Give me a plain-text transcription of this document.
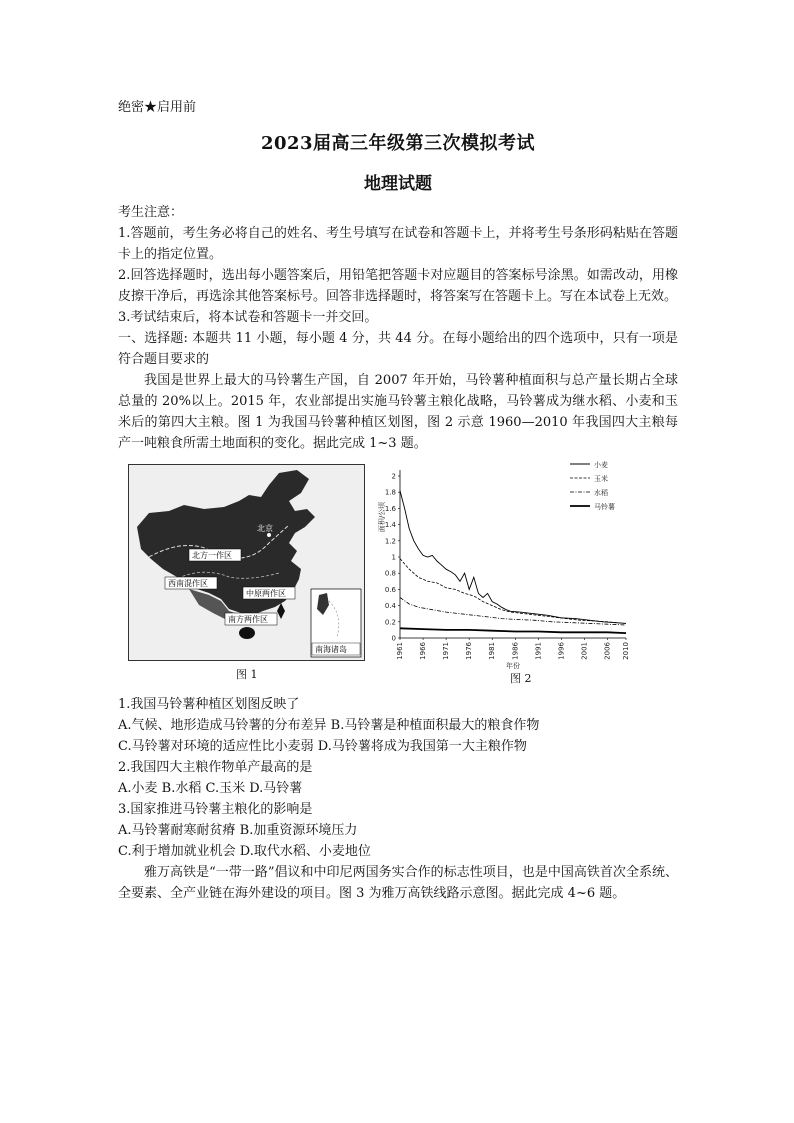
绝密★启用前
2023届高三年级第三次模拟考试
地理试题

考生注意：

1.答题前，考生务必将自己的姓名、考生号填写在试卷和答题卡上，并将考生号条形码粘贴在答题卡上的指定位置。

2.回答选择题时，选出每小题答案后，用铅笔把答题卡对应题目的答案标号涂黑。如需改动，用橡皮擦干净后，再选涂其他答案标号。回答非选择题时，将答案写在答题卡上。写在本试卷上无效。

3.考试结束后，将本试卷和答题卡一并交回。

一、选择题: 本题共 11 小题，每小题 4 分，共 44 分。在每小题给出的四个选项中，只有一项是符合题目要求的

我国是世界上最大的马铃薯生产国，自 2007 年开始，马铃薯种植面积与总产量长期占全球总量的 20%以上。2015 年，农业部提出实施马铃薯主粮化战略，马铃薯成为继水稻、小麦和玉米后的第四大主粮。图 1 为我国马铃薯种植区划图，图 2 示意 1960—2010 年我国四大主粮每产一吨粮食所需土地面积的变化。据此完成 1~3 题。

北方一作区
西南混作区
中原两作区
南方两作区
北京
南海诸岛
图 1
0
0.2
0.4
0.6
0.8
1
1.2
1.4
1.6
1.8
2
1961 1966 1971 1976 1981 1986 1991 1996 2001 2006 2010
年份
面积/公顷
小麦
玉米
水稻
马铃薯
图 2

1.我国马铃薯种植区划图反映了

A.气候、地形造成马铃薯的分布差异 B.马铃薯是种植面积最大的粮食作物

C.马铃薯对环境的适应性比小麦弱 D.马铃薯将成为我国第一大主粮作物

2.我国四大主粮作物单产最高的是

A.小麦 B.水稻 C.玉米 D.马铃薯

3.国家推进马铃薯主粮化的影响是

A.马铃薯耐寒耐贫瘠 B.加重资源环境压力

C.利于增加就业机会 D.取代水稻、小麦地位

雅万高铁是“一带一路”倡议和中印尼两国务实合作的标志性项目，也是中国高铁首次全系统、全要素、全产业链在海外建设的项目。图 3 为雅万高铁线路示意图。据此完成 4~6 题。
